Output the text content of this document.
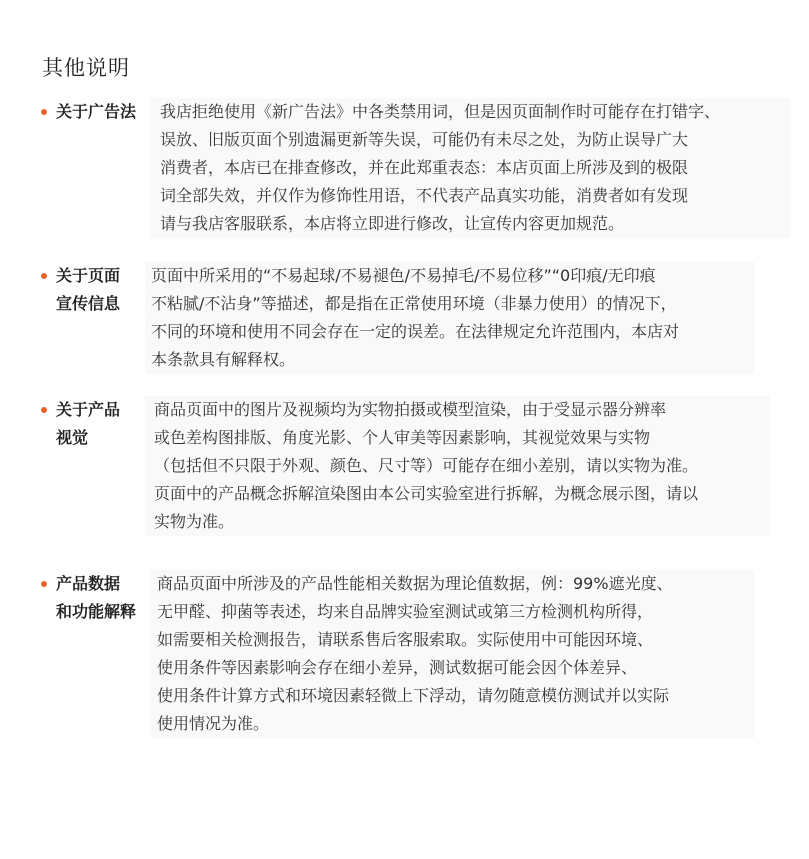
其他说明
关于广告法 我店拒绝使用《新广告法》中各类禁用词，但是因页面制作时可能存在打错字、
误放、旧版页面个别遗漏更新等失误，可能仍有未尽之处，为防止误导广大
消费者，本店已在排查修改，并在此郑重表态：本店页面上所涉及到的极限
词全部失效，并仅作为修饰性用语，不代表产品真实功能，消费者如有发现
请与我店客服联系，本店将立即进行修改，让宣传内容更加规范。
关于页面
宣传信息
页面中所采用的“不易起球/不易褪色/不易掉毛/不易位移”“0印痕/无印痕
不粘腻/不沾身”等描述，都是指在正常使用环境（非暴力使用）的情况下，
不同的环境和使用不同会存在一定的误差。在法律规定允许范围内，本店对
本条款具有解释权。
关于产品
视觉
商品页面中的图片及视频均为实物拍摄或模型渲染，由于受显示器分辨率
或色差构图排版、角度光影、个人审美等因素影响，其视觉效果与实物
（包括但不只限于外观、颜色、尺寸等）可能存在细小差别，请以实物为准。
页面中的产品概念拆解渲染图由本公司实验室进行拆解，为概念展示图，请以
实物为准。
产品数据
和功能解释
商品页面中所涉及的产品性能相关数据为理论值数据，例：99%遮光度、
无甲醛、抑菌等表述，均来自品牌实验室测试或第三方检测机构所得，
如需要相关检测报告，请联系售后客服索取。实际使用中可能因环境、
使用条件等因素影响会存在细小差异，测试数据可能会因个体差异、
使用条件计算方式和环境因素轻微上下浮动，请勿随意模仿测试并以实际
使用情况为准。
